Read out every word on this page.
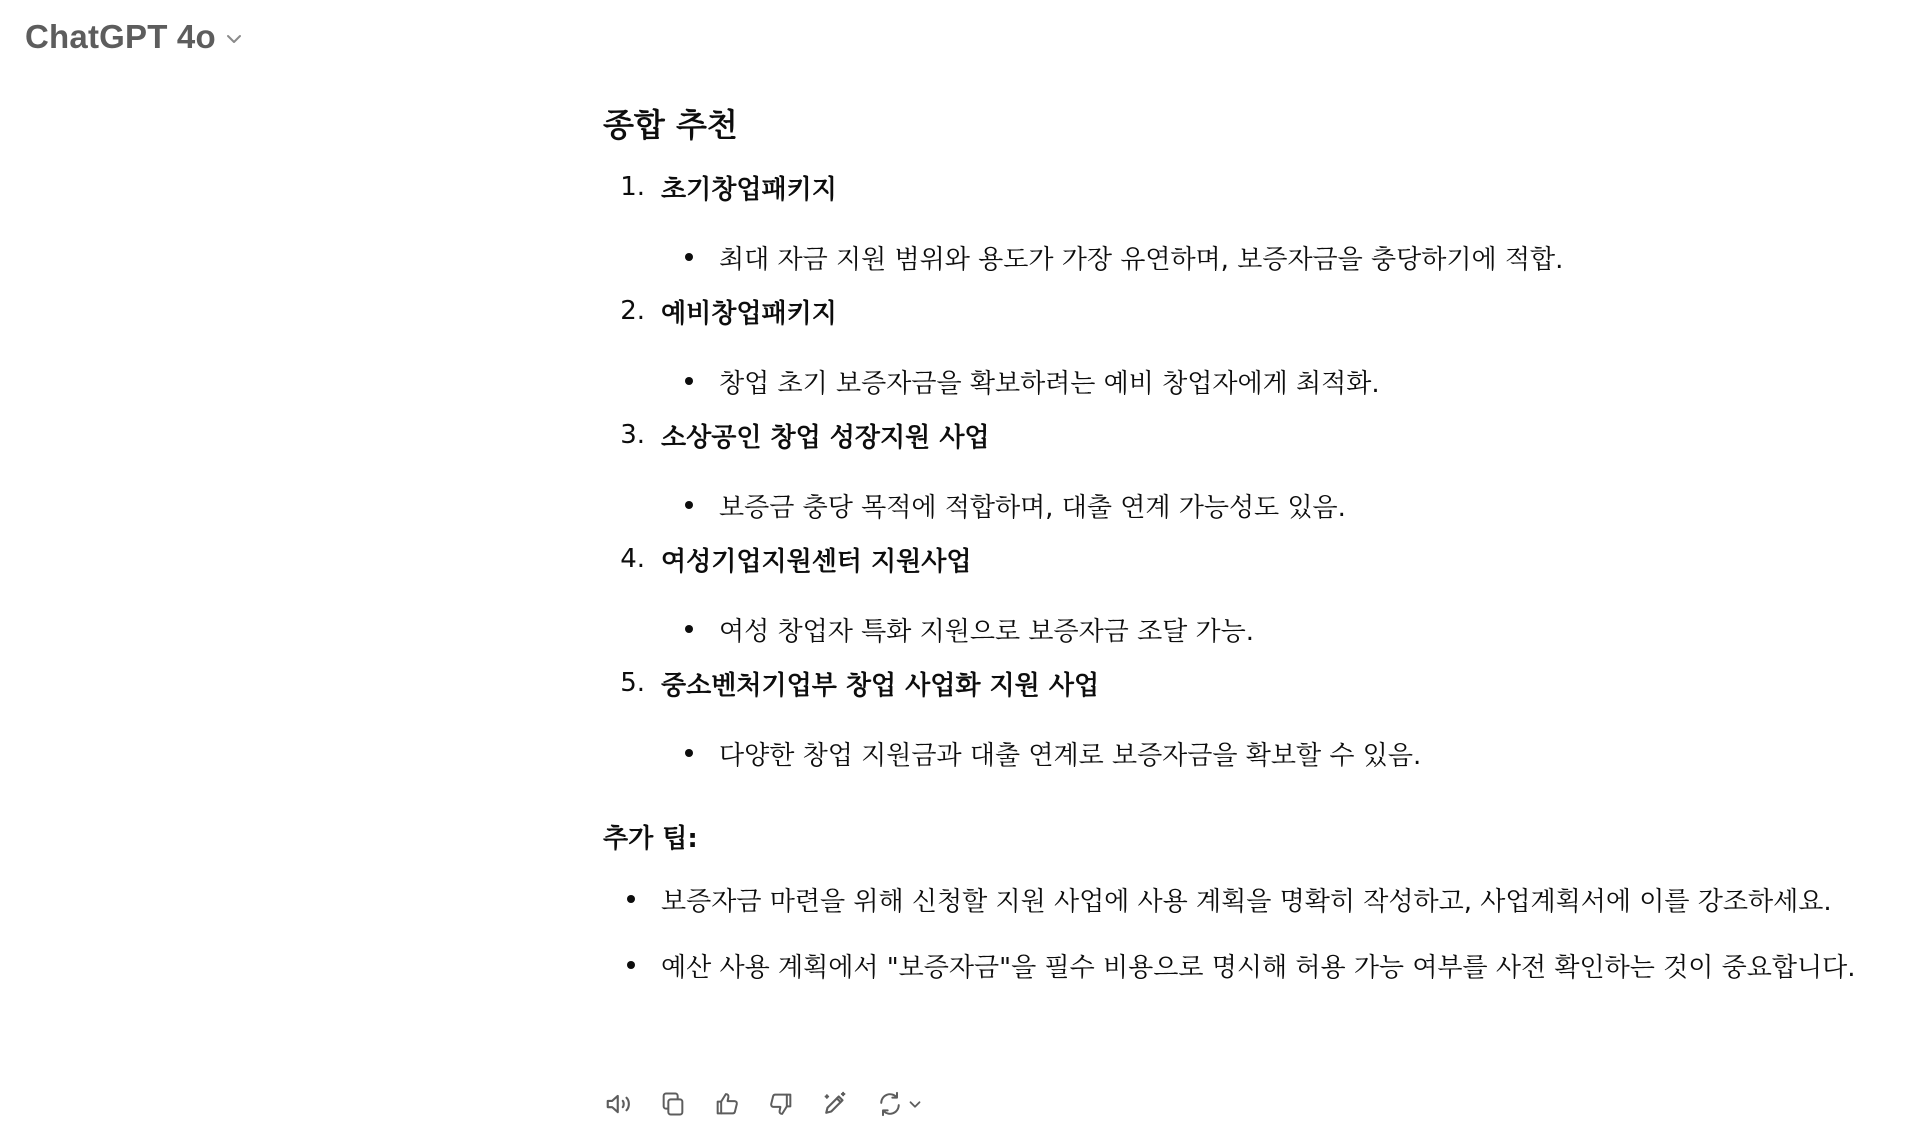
ChatGPT 4o
종합 추천
1. 초기창업패키지
최대 자금 지원 범위와 용도가 가장 유연하며, 보증자금을 충당하기에 적합.
2. 예비창업패키지
창업 초기 보증자금을 확보하려는 예비 창업자에게 최적화.
3. 소상공인 창업 성장지원 사업
보증금 충당 목적에 적합하며, 대출 연계 가능성도 있음.
4. 여성기업지원센터 지원사업
여성 창업자 특화 지원으로 보증자금 조달 가능.
5. 중소벤처기업부 창업 사업화 지원 사업
다양한 창업 지원금과 대출 연계로 보증자금을 확보할 수 있음.
추가 팁:
보증자금 마련을 위해 신청할 지원 사업에 사용 계획을 명확히 작성하고, 사업계획서에 이를 강조하세요.
예산 사용 계획에서 "보증자금"을 필수 비용으로 명시해 허용 가능 여부를 사전 확인하는 것이 중요합니다.
